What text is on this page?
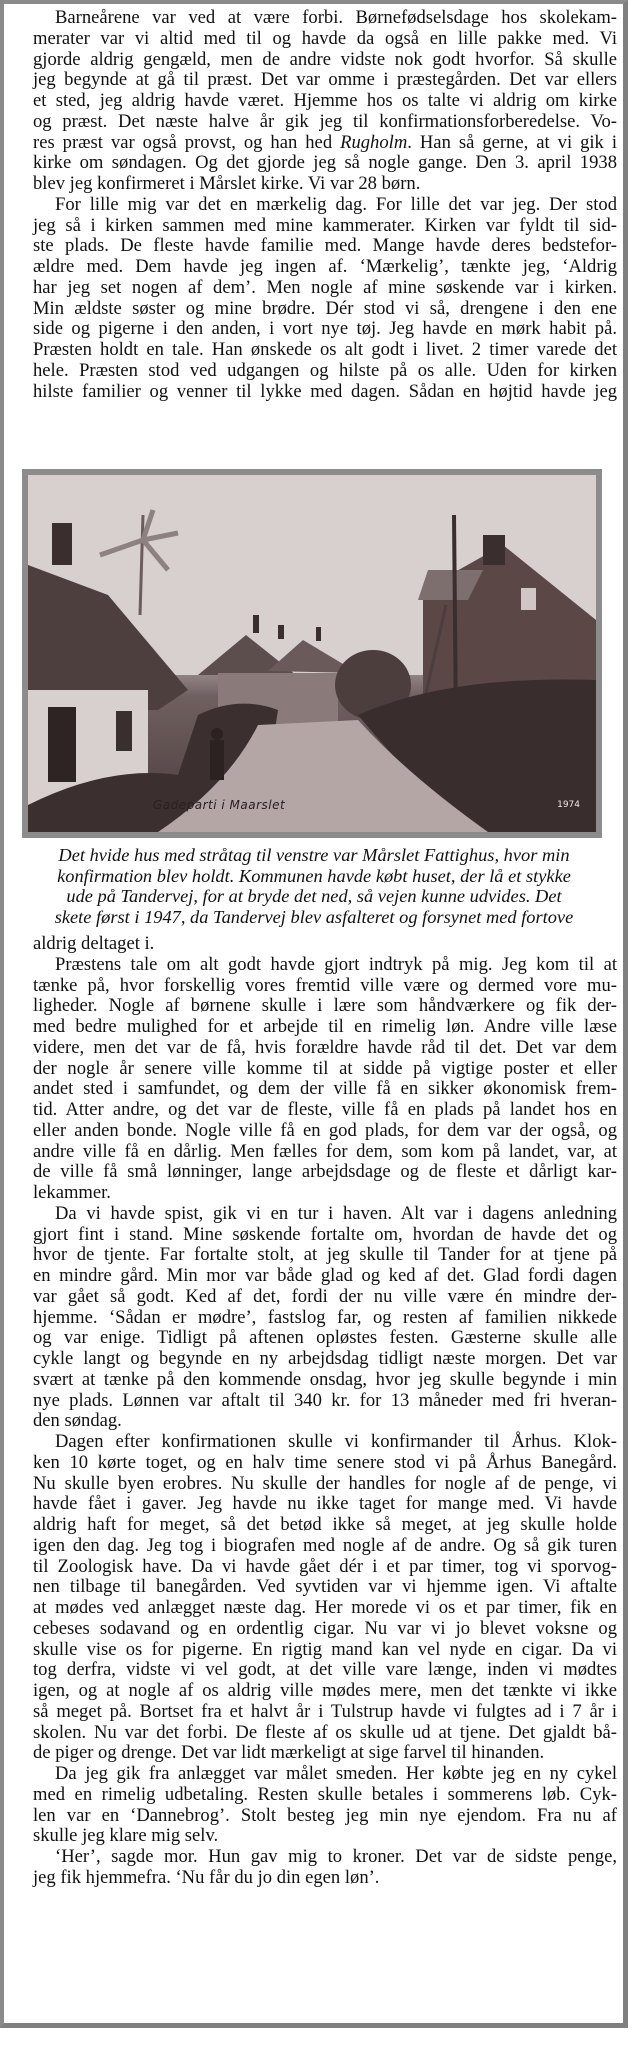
Barneårene var ved at være forbi. Børnefødselsdage hos skolekam-
merater var vi altid med til og havde da også en lille pakke med. Vi
gjorde aldrig gengæld, men de andre vidste nok godt hvorfor. Så skulle
jeg begynde at gå til præst. Det var omme i præstegården. Det var ellers
et sted, jeg aldrig havde været. Hjemme hos os talte vi aldrig om kirke
og præst. Det næste halve år gik jeg til konfirmationsforberedelse. Vo-
res præst var også provst, og han hed Rugholm. Han så gerne, at vi gik i
kirke om søndagen. Og det gjorde jeg så nogle gange. Den 3. april 1938
blev jeg konfirmeret i Mårslet kirke. Vi var 28 børn.
For lille mig var det en mærkelig dag. For lille det var jeg. Der stod
jeg så i kirken sammen med mine kammerater. Kirken var fyldt til sid-
ste plads. De fleste havde familie med. Mange havde deres bedstefor-
ældre med. Dem havde jeg ingen af. ‘Mærkelig’, tænkte jeg, ‘Aldrig
har jeg set nogen af dem’. Men nogle af mine søskende var i kirken.
Min ældste søster og mine brødre. Dér stod vi så, drengene i den ene
side og pigerne i den anden, i vort nye tøj. Jeg havde en mørk habit på.
Præsten holdt en tale. Han ønskede os alt godt i livet. 2 timer varede det
hele. Præsten stod ved udgangen og hilste på os alle. Uden for kirken
hilste familier og venner til lykke med dagen. Sådan en højtid havde jeg
Gadeparti i Maarslet	1974
Det hvide hus med stråtag til venstre var Mårslet Fattighus, hvor min
konfirmation blev holdt. Kommunen havde købt huset, der lå et stykke
ude på Tandervej, for at bryde det ned, så vejen kunne udvides. Det
skete først i 1947, da Tandervej blev asfalteret og forsynet med fortove
aldrig deltaget i.
Præstens tale om alt godt havde gjort indtryk på mig. Jeg kom til at
tænke på, hvor forskellig vores fremtid ville være og dermed vore mu-
ligheder. Nogle af børnene skulle i lære som håndværkere og fik der-
med bedre mulighed for et arbejde til en rimelig løn. Andre ville læse
videre, men det var de få, hvis forældre havde råd til det. Det var dem
der nogle år senere ville komme til at sidde på vigtige poster et eller
andet sted i samfundet, og dem der ville få en sikker økonomisk frem-
tid. Atter andre, og det var de fleste, ville få en plads på landet hos en
eller anden bonde. Nogle ville få en god plads, for dem var der også, og
andre ville få en dårlig. Men fælles for dem, som kom på landet, var, at
de ville få små lønninger, lange arbejdsdage og de fleste et dårligt kar-
lekammer.
Da vi havde spist, gik vi en tur i haven. Alt var i dagens anledning
gjort fint i stand. Mine søskende fortalte om, hvordan de havde det og
hvor de tjente. Far fortalte stolt, at jeg skulle til Tander for at tjene på
en mindre gård. Min mor var både glad og ked af det. Glad fordi dagen
var gået så godt. Ked af det, fordi der nu ville være én mindre der-
hjemme. ‘Sådan er mødre’, fastslog far, og resten af familien nikkede
og var enige. Tidligt på aftenen opløstes festen. Gæsterne skulle alle
cykle langt og begynde en ny arbejdsdag tidligt næste morgen. Det var
svært at tænke på den kommende onsdag, hvor jeg skulle begynde i min
nye plads. Lønnen var aftalt til 340 kr. for 13 måneder med fri hveran-
den søndag.
Dagen efter konfirmationen skulle vi konfirmander til Århus. Klok-
ken 10 kørte toget, og en halv time senere stod vi på Århus Banegård.
Nu skulle byen erobres. Nu skulle der handles for nogle af de penge, vi
havde fået i gaver. Jeg havde nu ikke taget for mange med. Vi havde
aldrig haft for meget, så det betød ikke så meget, at jeg skulle holde
igen den dag. Jeg tog i biografen med nogle af de andre. Og så gik turen
til Zoologisk have. Da vi havde gået dér i et par timer, tog vi sporvog-
nen tilbage til banegården. Ved syvtiden var vi hjemme igen. Vi aftalte
at mødes ved anlægget næste dag. Her morede vi os et par timer, fik en
cebeses sodavand og en ordentlig cigar. Nu var vi jo blevet voksne og
skulle vise os for pigerne. En rigtig mand kan vel nyde en cigar. Da vi
tog derfra, vidste vi vel godt, at det ville vare længe, inden vi mødtes
igen, og at nogle af os aldrig ville mødes mere, men det tænkte vi ikke
så meget på. Bortset fra et halvt år i Tulstrup havde vi fulgtes ad i 7 år i
skolen. Nu var det forbi. De fleste af os skulle ud at tjene. Det gjaldt bå-
de piger og drenge. Det var lidt mærkeligt at sige farvel til hinanden.
Da jeg gik fra anlægget var målet smeden. Her købte jeg en ny cykel
med en rimelig udbetaling. Resten skulle betales i sommerens løb. Cyk-
len var en ‘Dannebrog’. Stolt besteg jeg min nye ejendom. Fra nu af
skulle jeg klare mig selv.
‘Her’, sagde mor. Hun gav mig to kroner. Det var de sidste penge,
jeg fik hjemmefra. ‘Nu får du jo din egen løn’.
